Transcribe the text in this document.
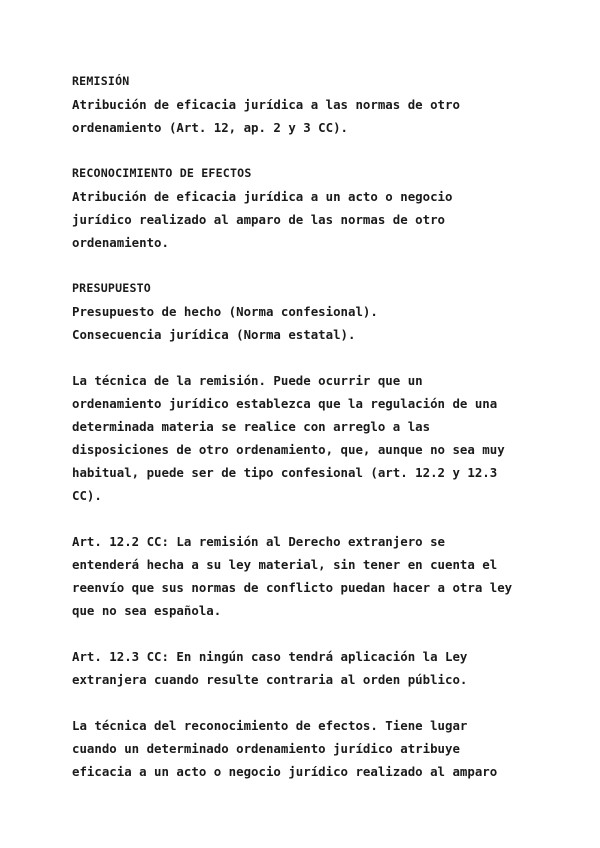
REMISIÓN

Atribución de eficacia jurídica a las normas de otro

ordenamiento (Art. 12, ap. 2 y 3 CC).

RECONOCIMIENTO DE EFECTOS

Atribución de eficacia jurídica a un acto o negocio

jurídico realizado al amparo de las normas de otro

ordenamiento.

PRESUPUESTO

Presupuesto de hecho (Norma confesional).

Consecuencia jurídica (Norma estatal).

La técnica de la remisión. Puede ocurrir que un

ordenamiento jurídico establezca que la regulación de una

determinada materia se realice con arreglo a las

disposiciones de otro ordenamiento, que, aunque no sea muy

habitual, puede ser de tipo confesional (art. 12.2 y 12.3

CC).

Art. 12.2 CC: La remisión al Derecho extranjero se

entenderá hecha a su ley material, sin tener en cuenta el

reenvío que sus normas de conflicto puedan hacer a otra ley

que no sea española.

Art. 12.3 CC: En ningún caso tendrá aplicación la Ley

extranjera cuando resulte contraria al orden público.

La técnica del reconocimiento de efectos. Tiene lugar

cuando un determinado ordenamiento jurídico atribuye

eficacia a un acto o negocio jurídico realizado al amparo
